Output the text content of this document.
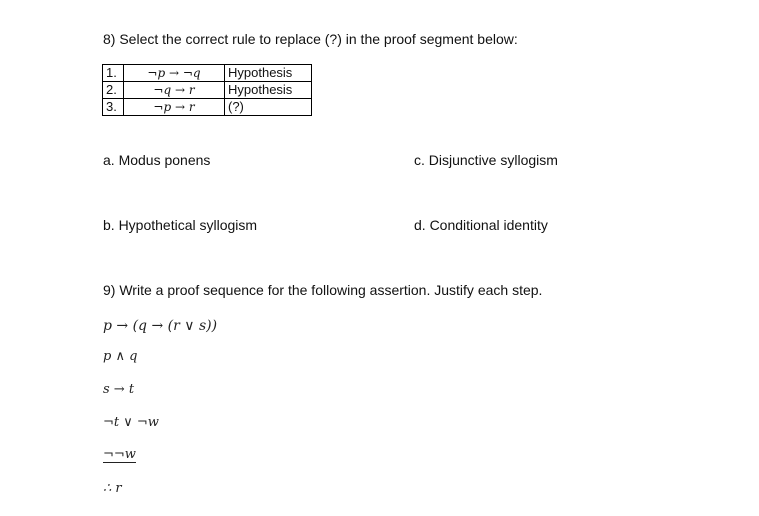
8) Select the correct rule to replace (?) in the proof segment below:
1.	¬p → ¬q	Hypothesis
2.	¬q → r	Hypothesis
3.	¬p → r	(?)
a. Modus ponens	c. Disjunctive syllogism
b. Hypothetical syllogism	d. Conditional identity
9) Write a proof sequence for the following assertion. Justify each step.
p → (q → (r ∨ s))
p ∧ q
s → t
¬t ∨ ¬w
¬¬w
∴ r
